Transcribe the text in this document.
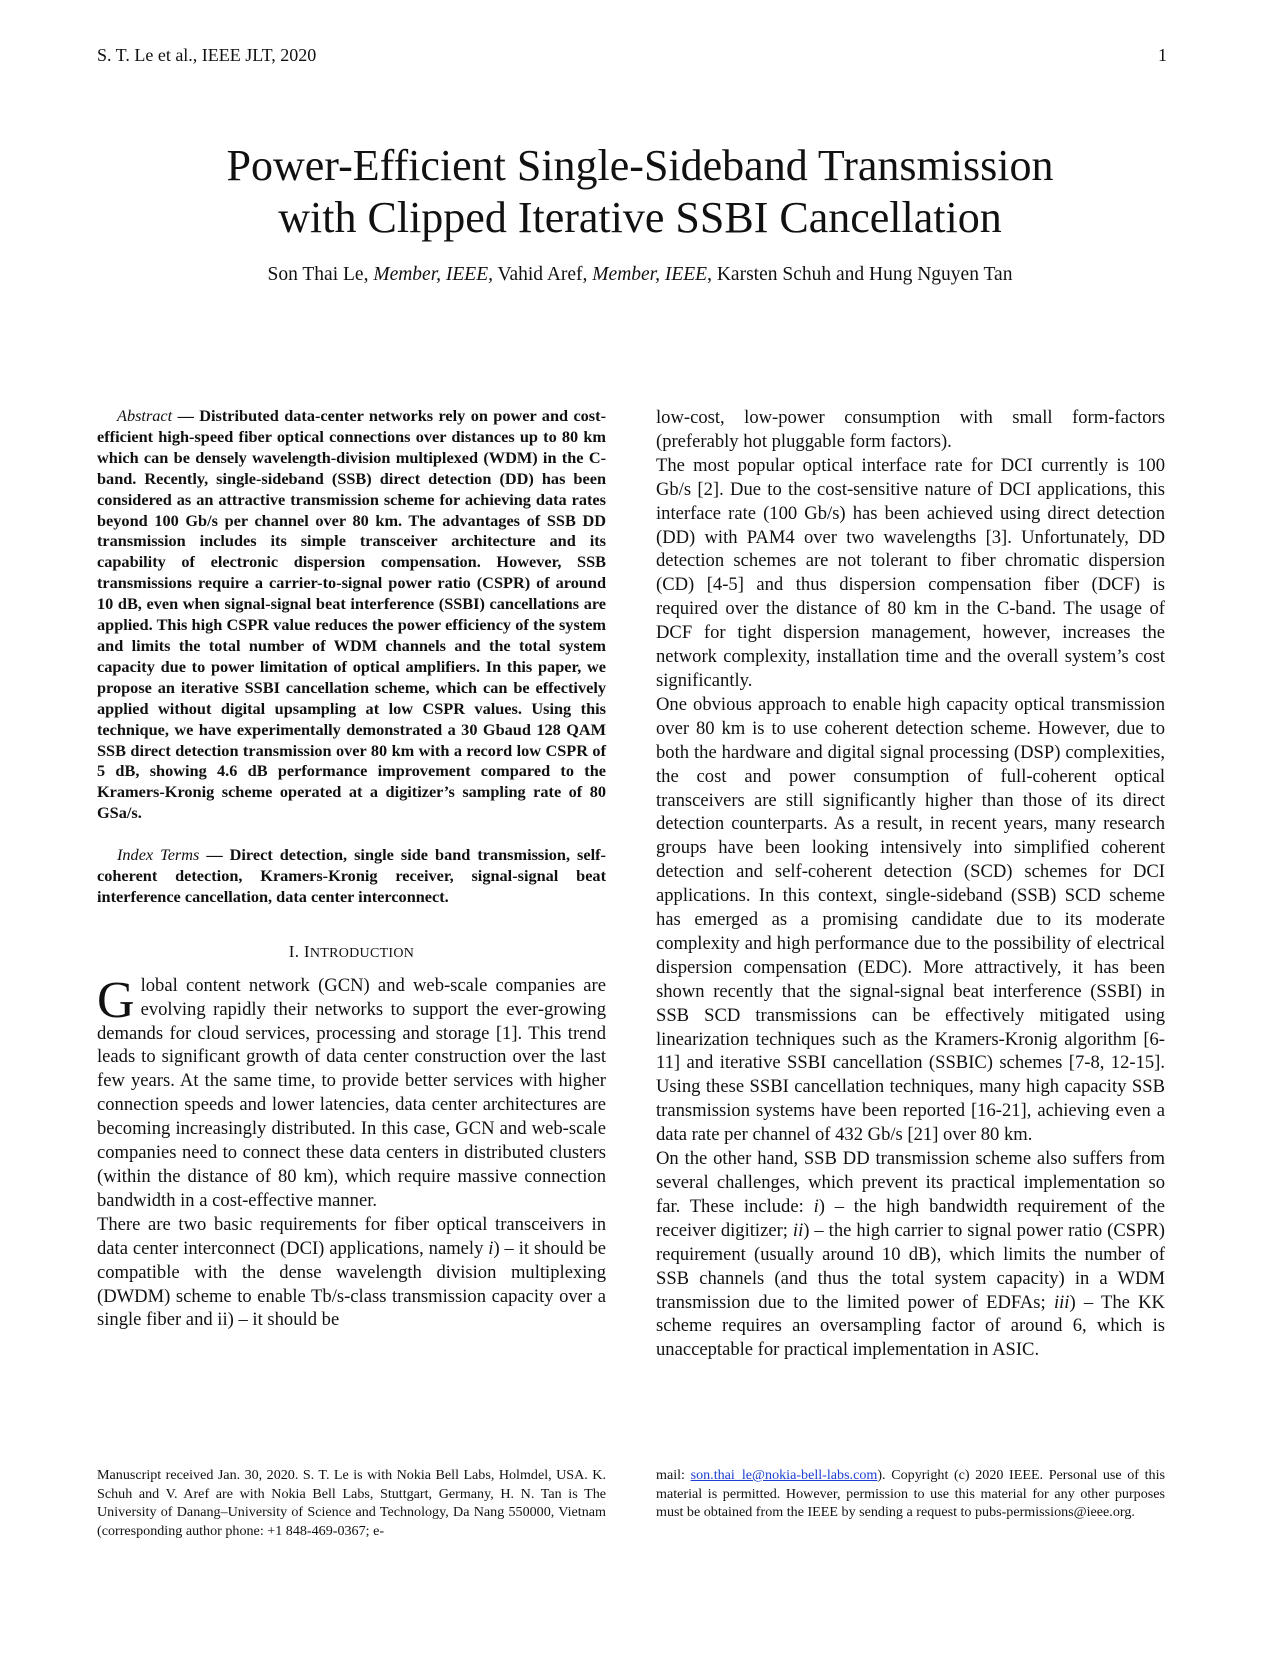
S. T. Le et al., IEEE JLT, 2020	1
Power-Efficient Single-Sideband Transmission
with Clipped Iterative SSBI Cancellation
Son Thai Le, Member, IEEE, Vahid Aref, Member, IEEE, Karsten Schuh and Hung Nguyen Tan

Abstract — Distributed data-center networks rely on power and cost-efficient high-speed fiber optical connections over distances up to 80 km which can be densely wavelength-division multiplexed (WDM) in the C-band. Recently, single-sideband (SSB) direct detection (DD) has been considered as an attractive transmission scheme for achieving data rates beyond 100 Gb/s per channel over 80 km. The advantages of SSB DD transmission includes its simple transceiver architecture and its capability of electronic dispersion compensation. However, SSB transmissions require a carrier-to-signal power ratio (CSPR) of around 10 dB, even when signal-signal beat interference (SSBI) cancellations are applied. This high CSPR value reduces the power efficiency of the system and limits the total number of WDM channels and the total system capacity due to power limitation of optical amplifiers. In this paper, we propose an iterative SSBI cancellation scheme, which can be effectively applied without digital upsampling at low CSPR values. Using this technique, we have experimentally demonstrated a 30 Gbaud 128 QAM SSB direct detection transmission over 80 km with a record low CSPR of 5 dB, showing 4.6 dB performance improvement compared to the Kramers-Kronig scheme operated at a digitizer’s sampling rate of 80 GSa/s.

Index Terms — Direct detection, single side band transmission, self-coherent detection, Kramers-Kronig receiver, signal-signal beat interference cancellation, data center interconnect.

I. INTRODUCTION

Global content network (GCN) and web-scale companies are evolving rapidly their networks to support the ever-growing demands for cloud services, processing and storage [1]. This trend leads to significant growth of data center construction over the last few years. At the same time, to provide better services with higher connection speeds and lower latencies, data center architectures are becoming increasingly distributed. In this case, GCN and web-scale companies need to connect these data centers in distributed clusters (within the distance of 80 km), which require massive connection bandwidth in a cost-effective manner.

There are two basic requirements for fiber optical transceivers in data center interconnect (DCI) applications, namely i) – it should be compatible with the dense wavelength division multiplexing (DWDM) scheme to enable Tb/s-class transmission capacity over a single fiber and ii) – it should be

low-cost, low-power consumption with small form-factors (preferably hot pluggable form factors).

The most popular optical interface rate for DCI currently is 100 Gb/s [2]. Due to the cost-sensitive nature of DCI applications, this interface rate (100 Gb/s) has been achieved using direct detection (DD) with PAM4 over two wavelengths [3]. Unfortunately, DD detection schemes are not tolerant to fiber chromatic dispersion (CD) [4-5] and thus dispersion compensation fiber (DCF) is required over the distance of 80 km in the C-band. The usage of DCF for tight dispersion management, however, increases the network complexity, installation time and the overall system’s cost significantly.

One obvious approach to enable high capacity optical transmission over 80 km is to use coherent detection scheme. However, due to both the hardware and digital signal processing (DSP) complexities, the cost and power consumption of full-coherent optical transceivers are still significantly higher than those of its direct detection counterparts. As a result, in recent years, many research groups have been looking intensively into simplified coherent detection and self-coherent detection (SCD) schemes for DCI applications. In this context, single-sideband (SSB) SCD scheme has emerged as a promising candidate due to its moderate complexity and high performance due to the possibility of electrical dispersion compensation (EDC). More attractively, it has been shown recently that the signal-signal beat interference (SSBI) in SSB SCD transmissions can be effectively mitigated using linearization techniques such as the Kramers-Kronig algorithm [6-11] and iterative SSBI cancellation (SSBIC) schemes [7-8, 12-15]. Using these SSBI cancellation techniques, many high capacity SSB transmission systems have been reported [16-21], achieving even a data rate per channel of 432 Gb/s [21] over 80 km.

On the other hand, SSB DD transmission scheme also suffers from several challenges, which prevent its practical implementation so far. These include: i) – the high bandwidth requirement of the receiver digitizer; ii) – the high carrier to signal power ratio (CSPR) requirement (usually around 10 dB), which limits the number of SSB channels (and thus the total system capacity) in a WDM transmission due to the limited power of EDFAs; iii) – The KK scheme requires an oversampling factor of around 6, which is unacceptable for practical implementation in ASIC.

Manuscript received Jan. 30, 2020. S. T. Le is with Nokia Bell Labs, Holmdel, USA. K. Schuh and V. Aref are with Nokia Bell Labs, Stuttgart, Germany, H. N. Tan is The University of Danang–University of Science and Technology, Da Nang 550000, Vietnam (corresponding author phone: +1 848-469-0367; e-
mail: son.thai_le@nokia-bell-labs.com). Copyright (c) 2020 IEEE. Personal use of this material is permitted. However, permission to use this material for any other purposes must be obtained from the IEEE by sending a request to pubs-permissions@ieee.org.
